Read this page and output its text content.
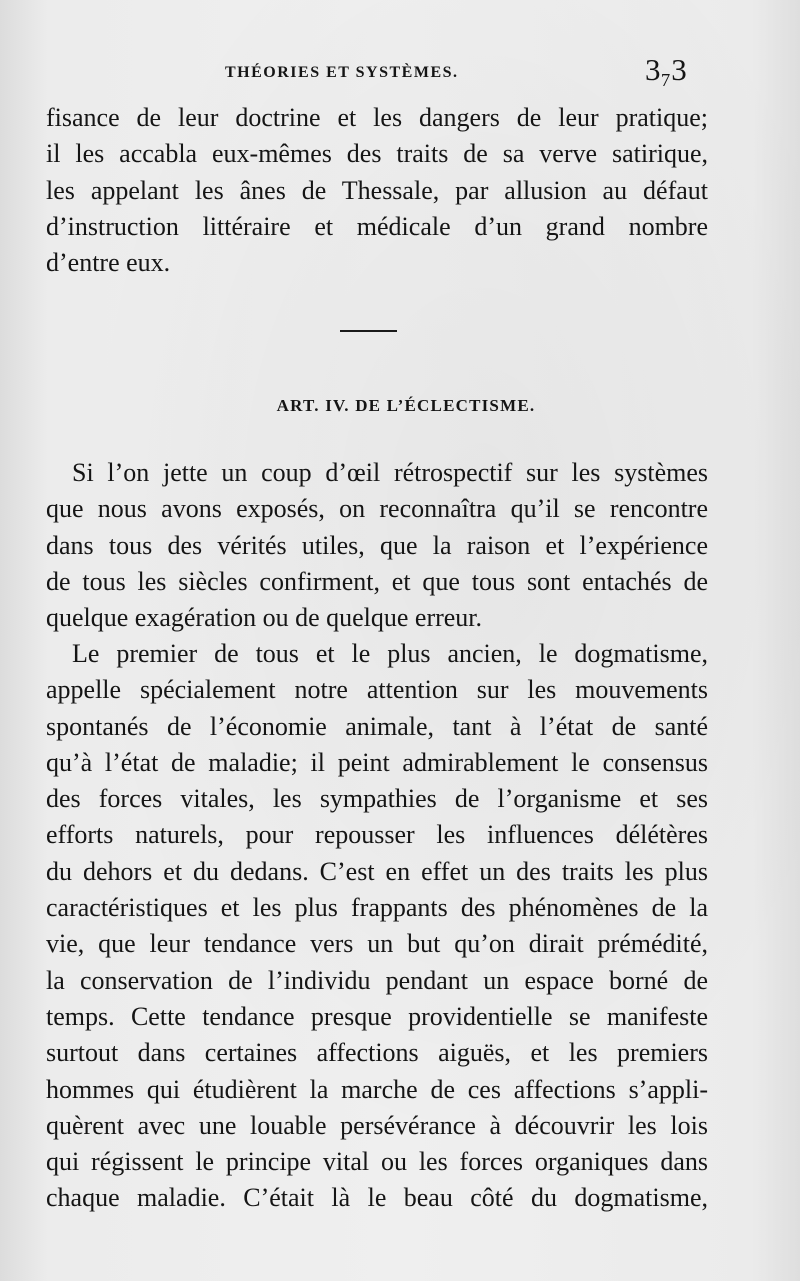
THÉORIES ET SYSTÈMES.	3₇3
fisance de leur doctrine et les dangers de leur pratique;
il les accabla eux-mêmes des traits de sa verve satirique,
les appelant les ânes de Thessale, par allusion au défaut
d’instruction littéraire et médicale d’un grand nombre
d’entre eux.
ART. IV. DE L’ÉCLECTISME.
Si l’on jette un coup d’œil rétrospectif sur les systèmes
que nous avons exposés, on reconnaîtra qu’il se rencontre
dans tous des vérités utiles, que la raison et l’expérience
de tous les siècles confirment, et que tous sont entachés de
quelque exagération ou de quelque erreur.
Le premier de tous et le plus ancien, le dogmatisme,
appelle spécialement notre attention sur les mouvements
spontanés de l’économie animale, tant à l’état de santé
qu’à l’état de maladie; il peint admirablement le consensus
des forces vitales, les sympathies de l’organisme et ses
efforts naturels, pour repousser les influences délétères
du dehors et du dedans. C’est en effet un des traits les plus
caractéristiques et les plus frappants des phénomènes de la
vie, que leur tendance vers un but qu’on dirait prémédité,
la conservation de l’individu pendant un espace borné de
temps. Cette tendance presque providentielle se manifeste
surtout dans certaines affections aiguës, et les premiers
hommes qui étudièrent la marche de ces affections s’appli-
quèrent avec une louable persévérance à découvrir les lois
qui régissent le principe vital ou les forces organiques dans
chaque maladie. C’était là le beau côté du dogmatisme,
